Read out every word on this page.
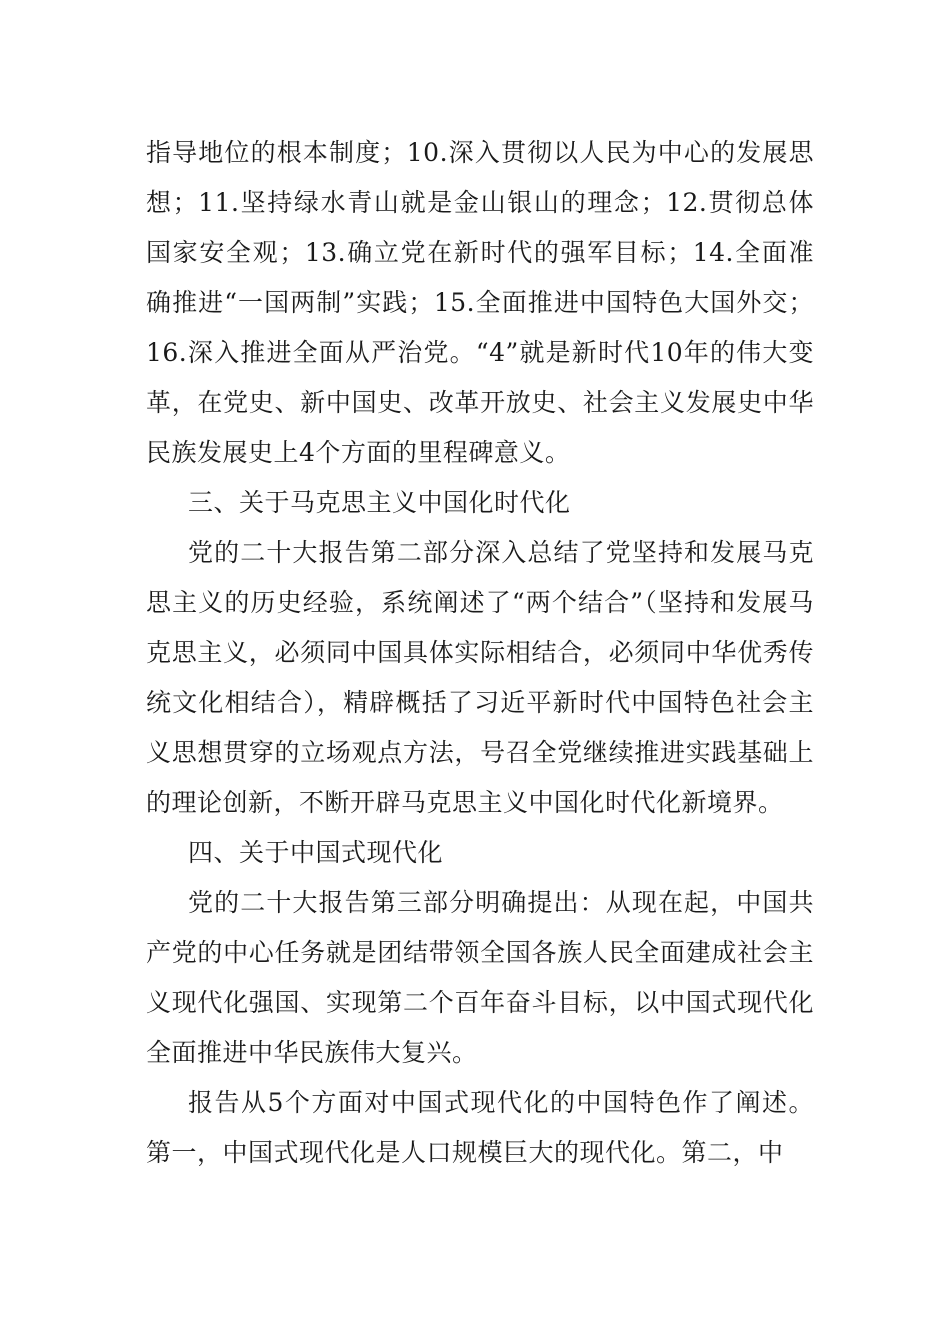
指导地位的根本制度；10.深入贯彻以人民为中心的发展思想；11.坚持绿水青山就是金山银山的理念；12.贯彻总体国家安全观；13.确立党在新时代的强军目标；14.全面准确推进“一国两制”实践；15.全面推进中国特色大国外交；16.深入推进全面从严治党。“4”就是新时代10年的伟大变革，在党史、新中国史、改革开放史、社会主义发展史中华民族发展史上4个方面的里程碑意义。

三、关于马克思主义中国化时代化

党的二十大报告第二部分深入总结了党坚持和发展马克思主义的历史经验，系统阐述了“两个结合”（坚持和发展马克思主义，必须同中国具体实际相结合，必须同中华优秀传统文化相结合），精辟概括了习近平新时代中国特色社会主义思想贯穿的立场观点方法，号召全党继续推进实践基础上的理论创新，不断开辟马克思主义中国化时代化新境界。

四、关于中国式现代化

党的二十大报告第三部分明确提出：从现在起，中国共产党的中心任务就是团结带领全国各族人民全面建成社会主义现代化强国、实现第二个百年奋斗目标，以中国式现代化全面推进中华民族伟大复兴。

报告从5个方面对中国式现代化的中国特色作了阐述。第一，中国式现代化是人口规模巨大的现代化。第二，中
